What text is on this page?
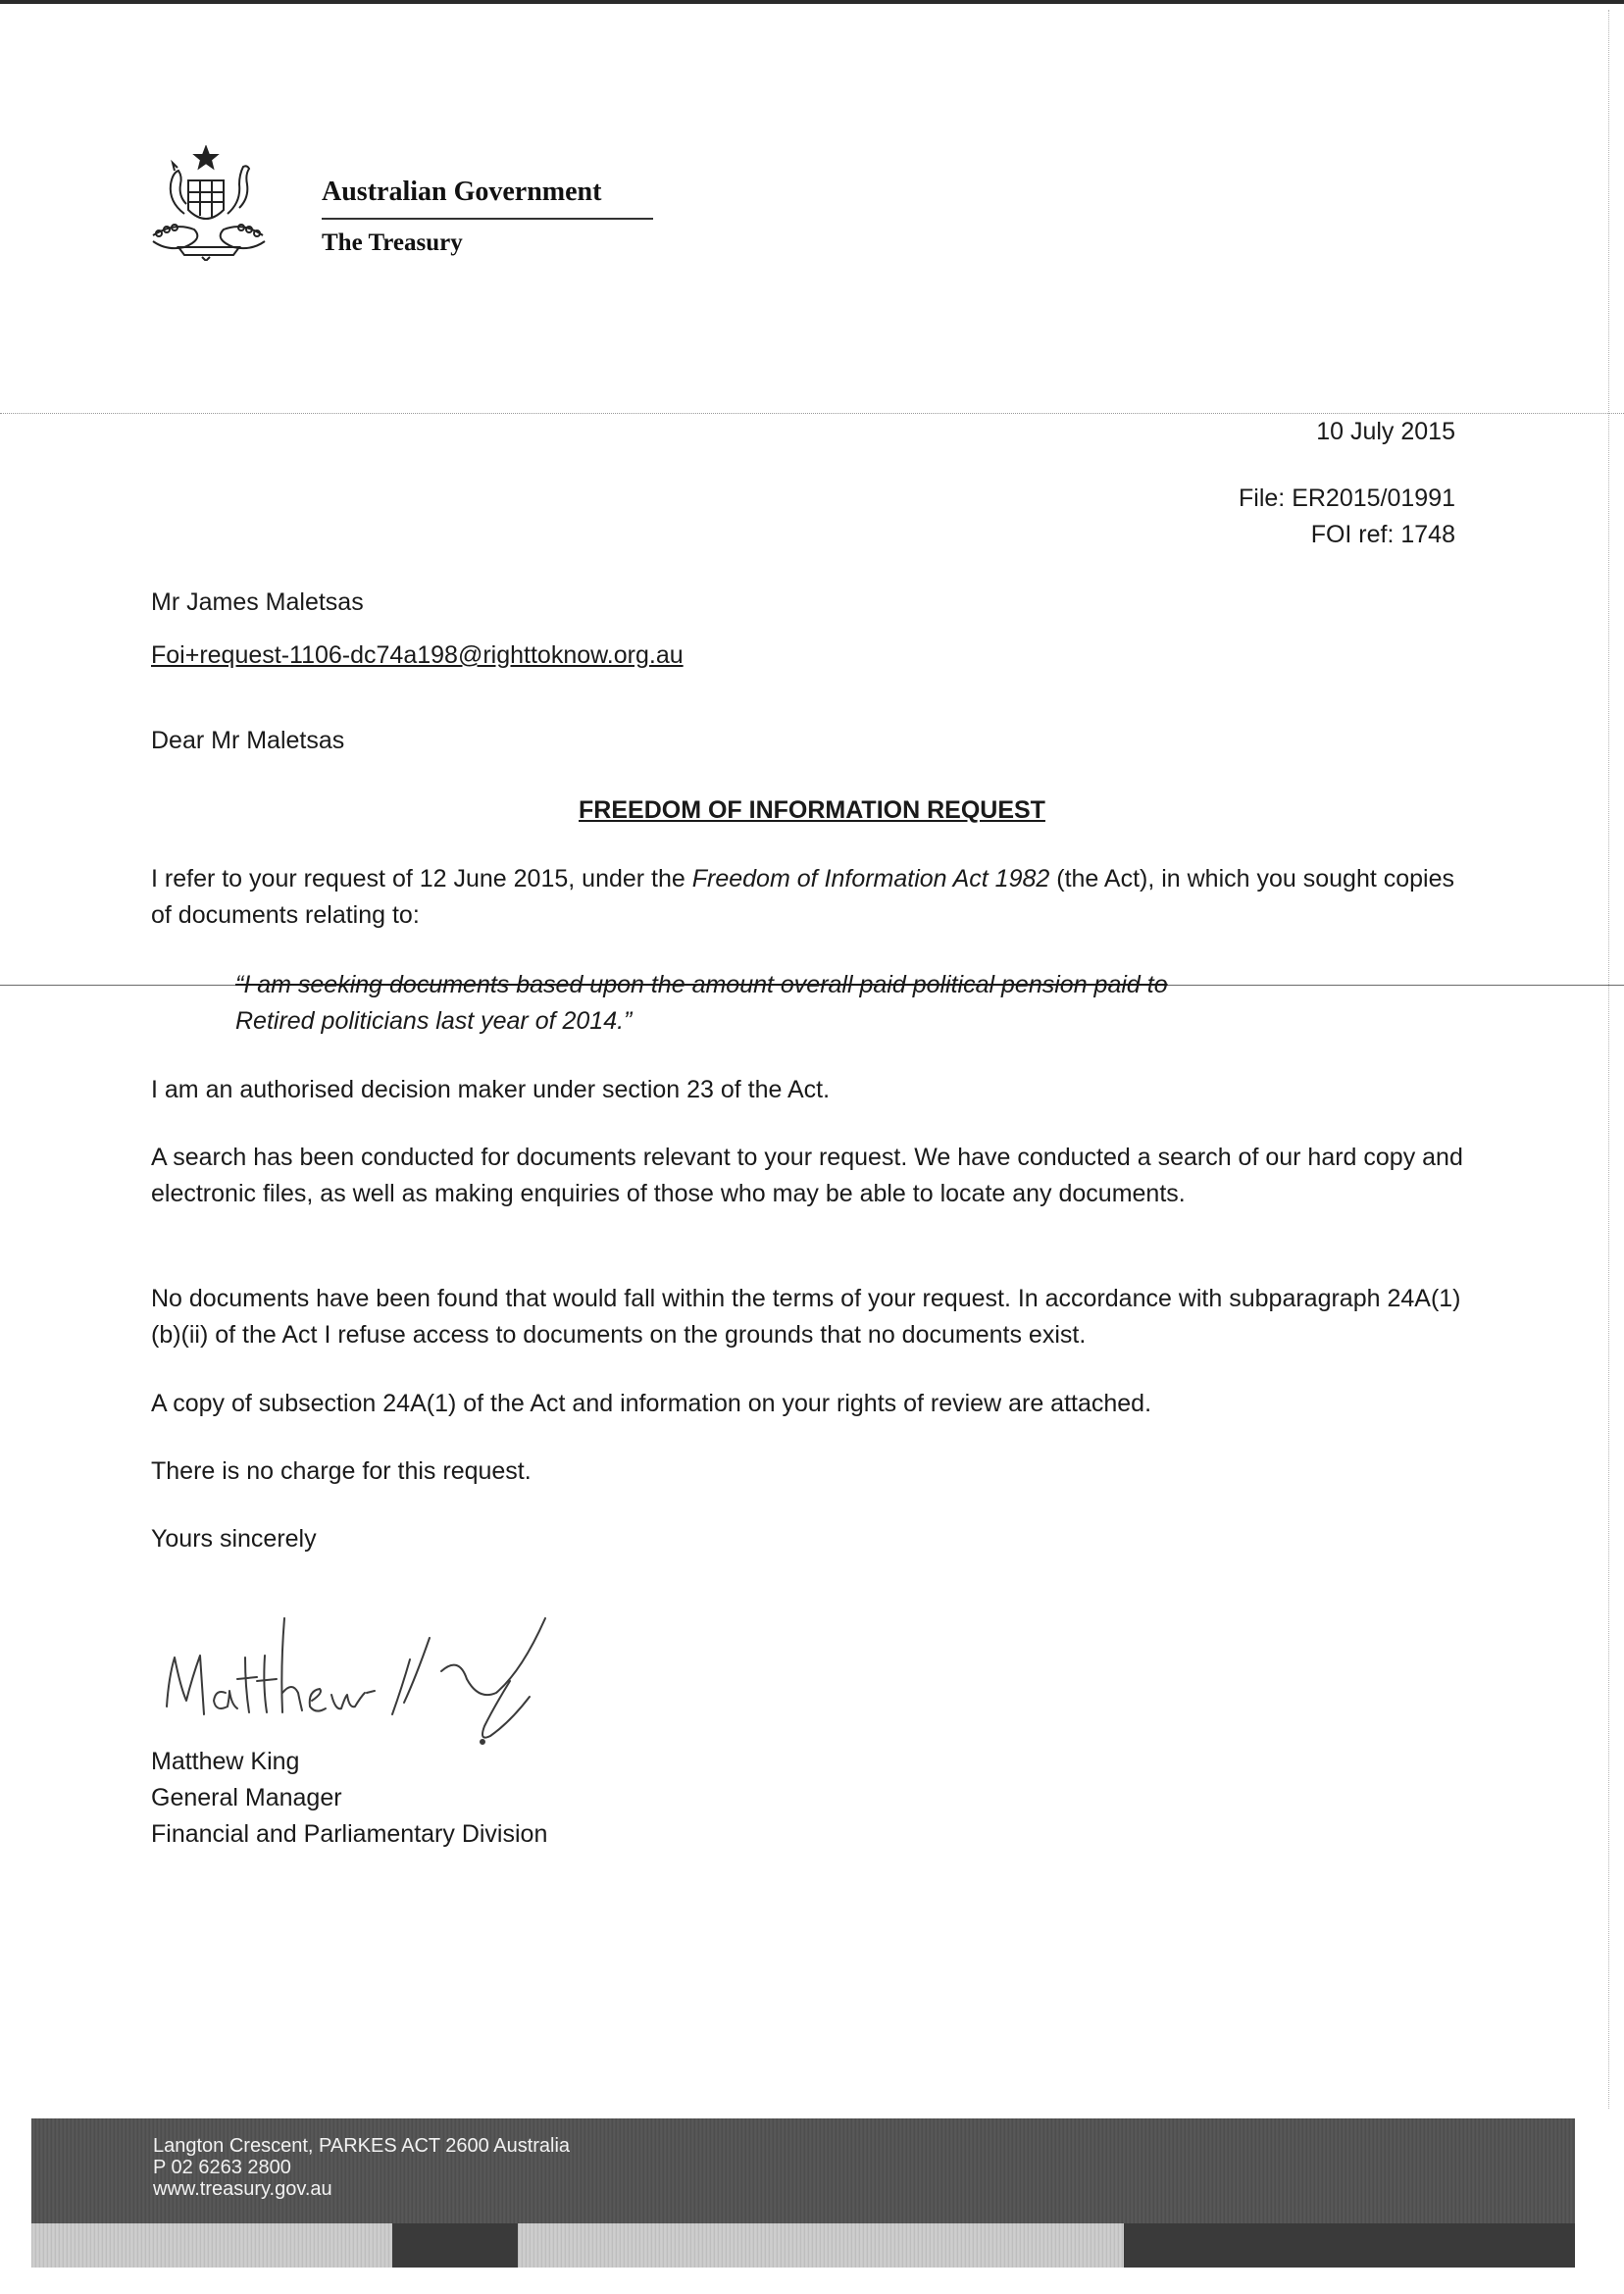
Australian Government
The Treasury
10 July 2015
File: ER2015/01991
FOI ref: 1748
Mr James Maletsas
Foi+request-1106-dc74a198@righttoknow.org.au
Dear Mr Maletsas
FREEDOM OF INFORMATION REQUEST
I refer to your request of 12 June 2015, under the Freedom of Information Act 1982 (the Act), in which you sought copies of documents relating to:
“I am seeking documents based upon the amount overall paid political pension paid to
Retired politicians last year of 2014.”
I am an authorised decision maker under section 23 of the Act.
A search has been conducted for documents relevant to your request. We have conducted a search of our hard copy and electronic files, as well as making enquiries of those who may be able to locate any documents.
No documents have been found that would fall within the terms of your request. In accordance with subparagraph 24A(1)(b)(ii) of the Act I refuse access to documents on the grounds that no documents exist.
A copy of subsection 24A(1) of the Act and information on your rights of review are attached.
There is no charge for this request.
Yours sincerely
Matthew King
General Manager
Financial and Parliamentary Division
Langton Crescent, PARKES ACT 2600 Australia
P 02 6263 2800
www.treasury.gov.au
